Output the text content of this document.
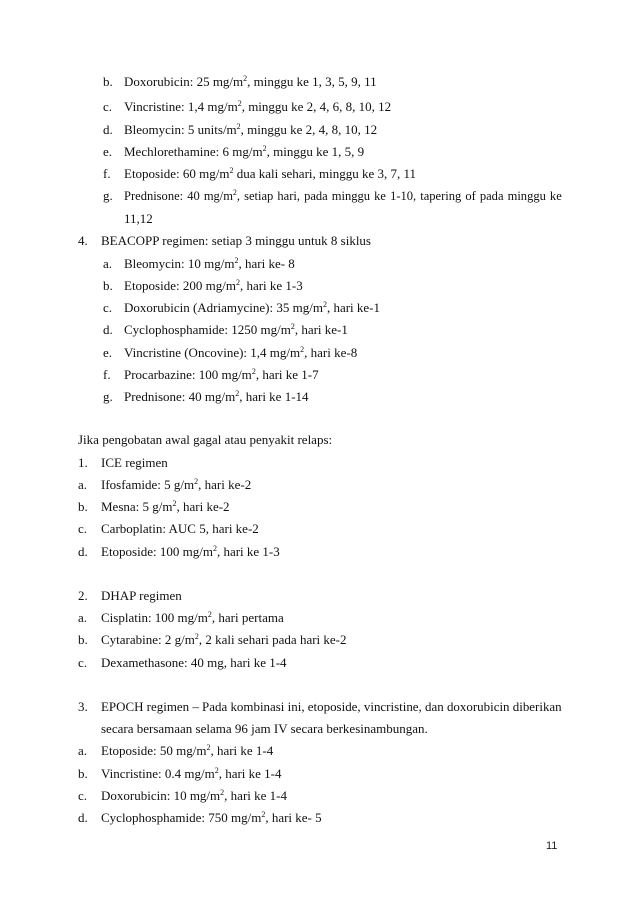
b. Doxorubicin: 25 $mg/m^2$, minggu ke 1, 3, 5, 9, 11
c. Vincristine: 1,4 $mg/m^2$, minggu ke 2, 4, 6, 8, 10, 12
d. Bleomycin: 5 units/$m^2$, minggu ke 2, 4, 8, 10, 12
e. Mechlorethamine: 6 $mg/m^2$, minggu ke 1, 5, 9
f. Etoposide: 60 $mg/m^2$ dua kali sehari, minggu ke 3, 7, 11
g. Prednisone: 40 $mg/m^2$, setiap hari, pada minggu ke 1-10, tapering of pada minggu ke
11,12
4. BEACOPP regimen: setiap 3 minggu untuk 8 siklus
a. Bleomycin: 10 $mg/m^2$, hari ke- 8
b. Etoposide: 200 $mg/m^2$, hari ke 1-3
c. Doxorubicin (Adriamycine): 35 $mg/m^2$, hari ke-1
d. Cyclophosphamide: 1250 $mg/m^2$, hari ke-1
e. Vincristine (Oncovine): 1,4 $mg/m^2$, hari ke-8
f. Procarbazine: 100 $mg/m^2$, hari ke 1-7
g. Prednisone: 40 $mg/m^2$, hari ke 1-14
Jika pengobatan awal gagal atau penyakit relaps:
1. ICE regimen
a. Ifosfamide: 5 $g/m^2$, hari ke-2
b. Mesna: 5 $g/m^2$, hari ke-2
c. Carboplatin: AUC 5, hari ke-2
d. Etoposide: 100 $mg/m^2$, hari ke 1-3
2. DHAP regimen
a. Cisplatin: 100 $mg/m^2$, hari pertama
b. Cytarabine: 2 $g/m^2$, 2 kali sehari pada hari ke-2
c. Dexamethasone: 40 mg, hari ke 1-4
3. EPOCH regimen – Pada kombinasi ini, etoposide, vincristine, dan doxorubicin diberikan
secara bersamaan selama 96 jam IV secara berkesinambungan.
a. Etoposide: 50 $mg/m^2$, hari ke 1-4
b. Vincristine: 0.4 $mg/m^2$, hari ke 1-4
c. Doxorubicin: 10 $mg/m^2$, hari ke 1-4
d. Cyclophosphamide: 750 $mg/m^2$, hari ke- 5
11
